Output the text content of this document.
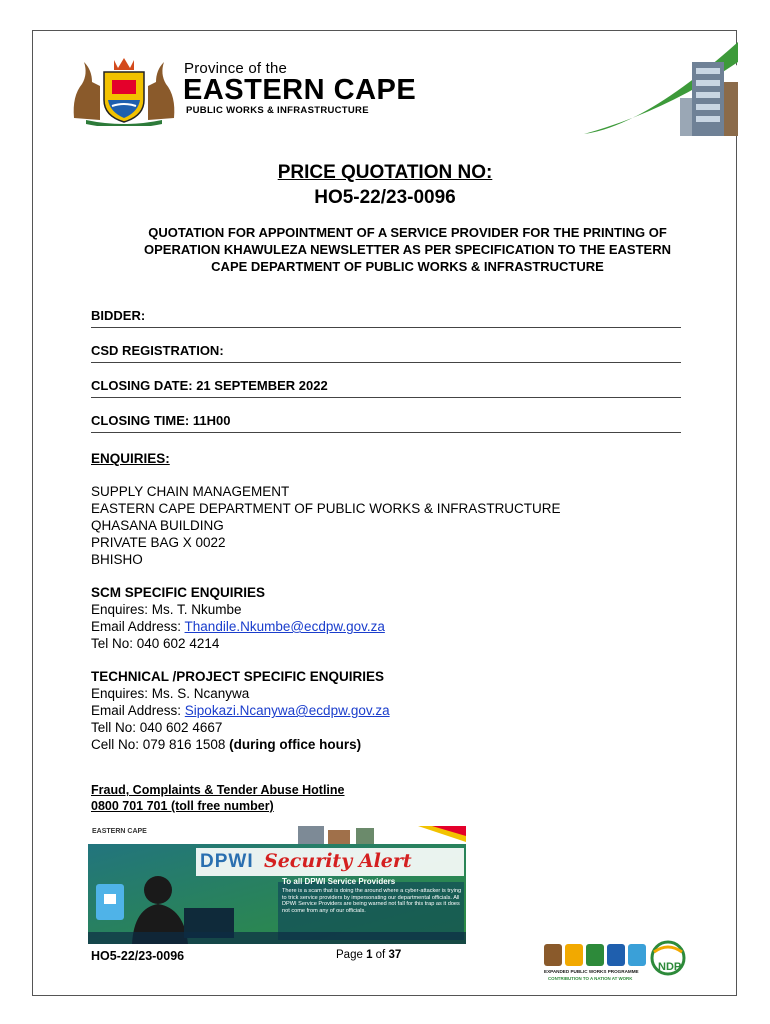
Province of the
EASTERN CAPE
PUBLIC WORKS & INFRASTRUCTURE
PRICE QUOTATION NO:
HO5-22/23-0096
QUOTATION FOR APPOINTMENT OF A SERVICE PROVIDER FOR THE PRINTING OF OPERATION KHAWULEZA NEWSLETTER AS PER SPECIFICATION TO THE EASTERN CAPE DEPARTMENT OF PUBLIC WORKS & INFRASTRUCTURE
BIDDER:
CSD REGISTRATION:
CLOSING DATE: 21 SEPTEMBER 2022
CLOSING TIME: 11H00
ENQUIRIES:
SUPPLY CHAIN MANAGEMENT
EASTERN CAPE DEPARTMENT OF PUBLIC WORKS & INFRASTRUCTURE
QHASANA BUILDING
PRIVATE BAG X 0022
BHISHO
SCM SPECIFIC ENQUIRIES
Enquires: Ms. T. Nkumbe
Email Address: Thandile.Nkumbe@ecdpw.gov.za
Tel No: 040 602 4214
TECHNICAL /PROJECT SPECIFIC ENQUIRIES
Enquires: Ms. S. Ncanywa
Email Address: Sipokazi.Ncanywa@ecdpw.gov.za
Tell No: 040 602 4667
Cell No: 079 816 1508 (during office hours)
Fraud, Complaints & Tender Abuse Hotline
0800 701 701 (toll free number)
EASTERN CAPE
DPWI Security Alert
To all DPWI Service Providers
There is a scam that is doing the around where a cyber-attacker is trying to trick service providers by impersonating our departmental officials. All DPWI Service Providers are being warned not fall for this trap as it does not come from any of our officials.
HO5-22/23-0096	Page 1 of 37
NDP
EXPANDED PUBLIC WORKS PROGRAMME
CONTRIBUTION TO A NATION AT WORK
